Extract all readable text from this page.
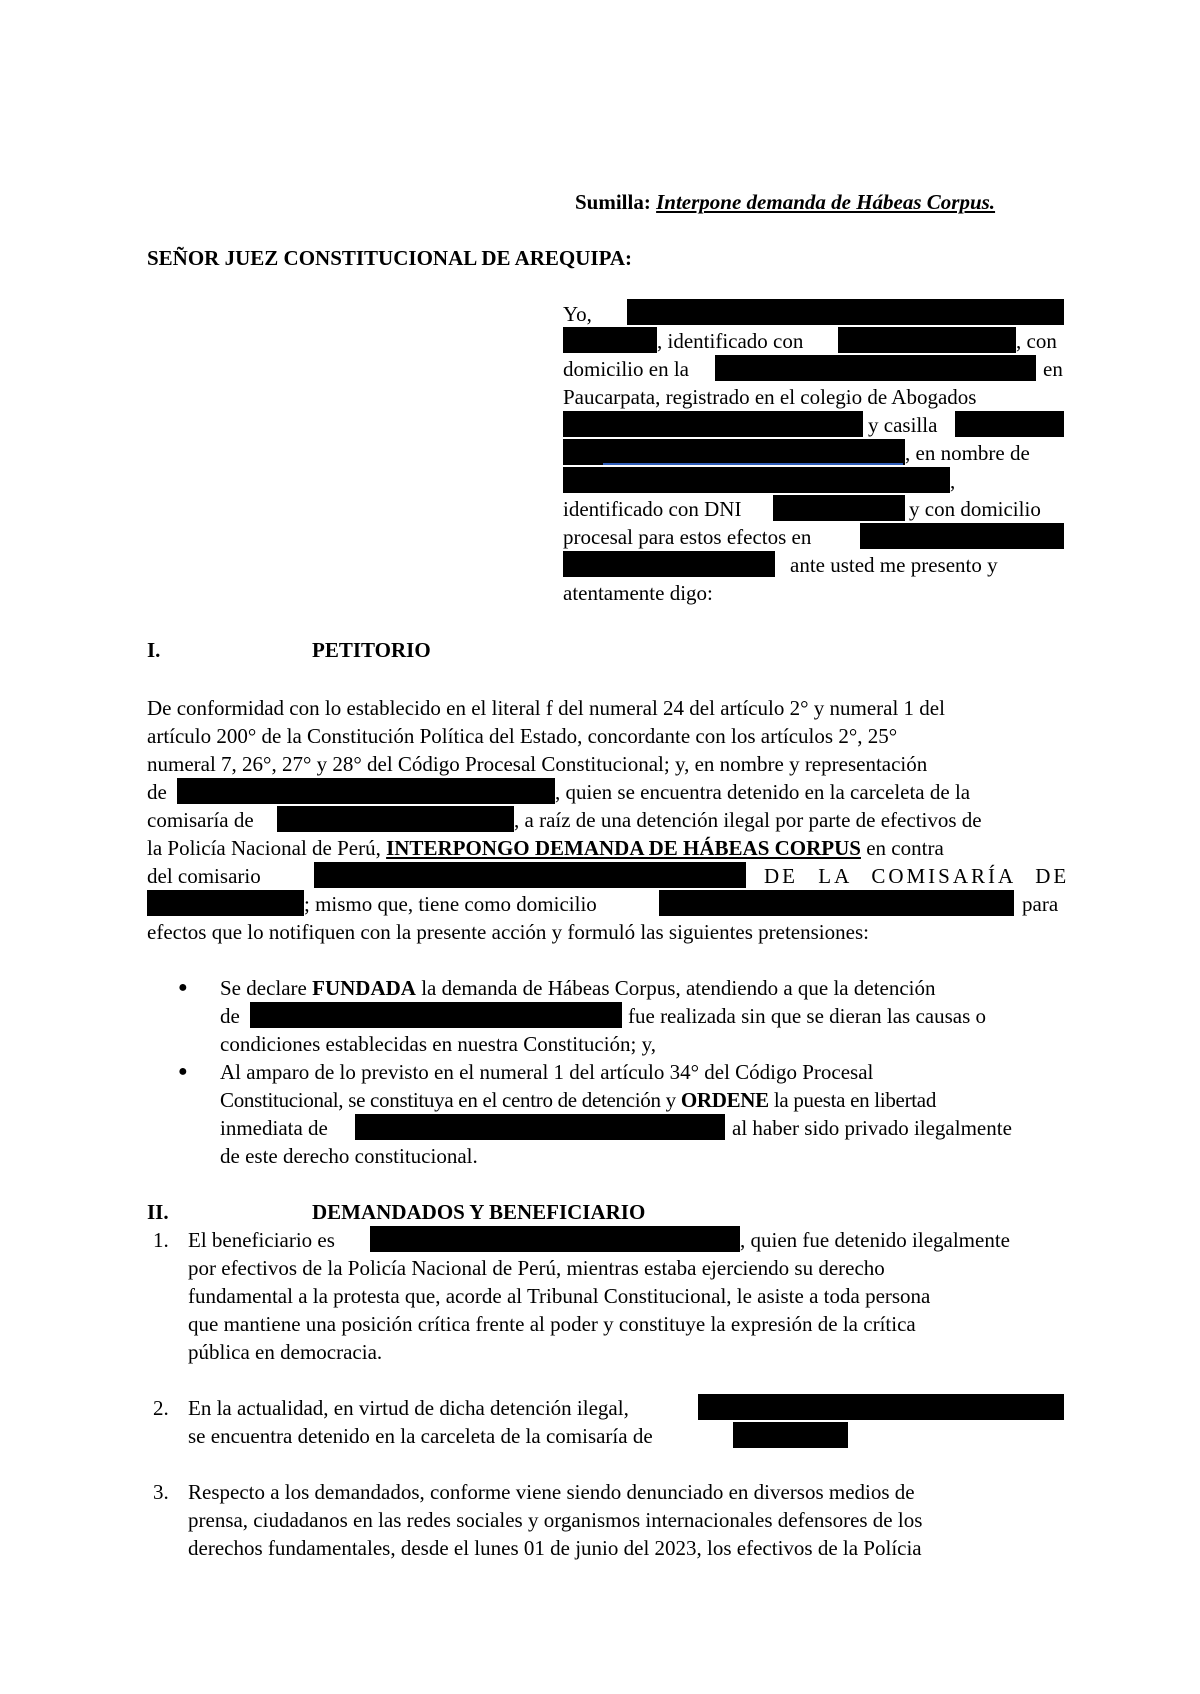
Sumilla: Interpone demanda de Hábeas Corpus.
SEÑOR JUEZ CONSTITUCIONAL DE AREQUIPA:
Yo,
, identificado con	, con
domicilio en la	en
Paucarpata, registrado en el colegio de Abogados
y casilla
, en nombre de
,
identificado con DNI	y con domicilio
procesal para estos efectos en
ante usted me presento y
atentamente digo:
I.	PETITORIO
De conformidad con lo establecido en el literal f del numeral 24 del artículo 2° y numeral 1 del
artículo 200° de la Constitución Política del Estado, concordante con los artículos 2°, 25°
numeral 7, 26°, 27° y 28° del Código Procesal Constitucional; y, en nombre y representación
de	, quien se encuentra detenido en la carceleta de la
comisaría de	, a raíz de una detención ilegal por parte de efectivos de
la Policía Nacional de Perú, INTERPONGO DEMANDA DE HÁBEAS CORPUS en contra
del comisario	DE LA COMISARÍA DE
; mismo que, tiene como domicilio	para
efectos que lo notifiquen con la presente acción y formuló las siguientes pretensiones:
● Se declare FUNDADA la demanda de Hábeas Corpus, atendiendo a que la detención
de	fue realizada sin que se dieran las causas o
condiciones establecidas en nuestra Constitución; y,
● Al amparo de lo previsto en el numeral 1 del artículo 34° del Código Procesal
Constitucional, se constituya en el centro de detención y ORDENE la puesta en libertad
inmediata de	al haber sido privado ilegalmente
de este derecho constitucional.
II.	DEMANDADOS Y BENEFICIARIO
1. El beneficiario es	, quien fue detenido ilegalmente
por efectivos de la Policía Nacional de Perú, mientras estaba ejerciendo su derecho
fundamental a la protesta que, acorde al Tribunal Constitucional, le asiste a toda persona
que mantiene una posición crítica frente al poder y constituye la expresión de la crítica
pública en democracia.
2. En la actualidad, en virtud de dicha detención ilegal,
se encuentra detenido en la carceleta de la comisaría de
3. Respecto a los demandados, conforme viene siendo denunciado en diversos medios de
prensa, ciudadanos en las redes sociales y organismos internacionales defensores de los
derechos fundamentales, desde el lunes 01 de junio del 2023, los efectivos de la Polícia
